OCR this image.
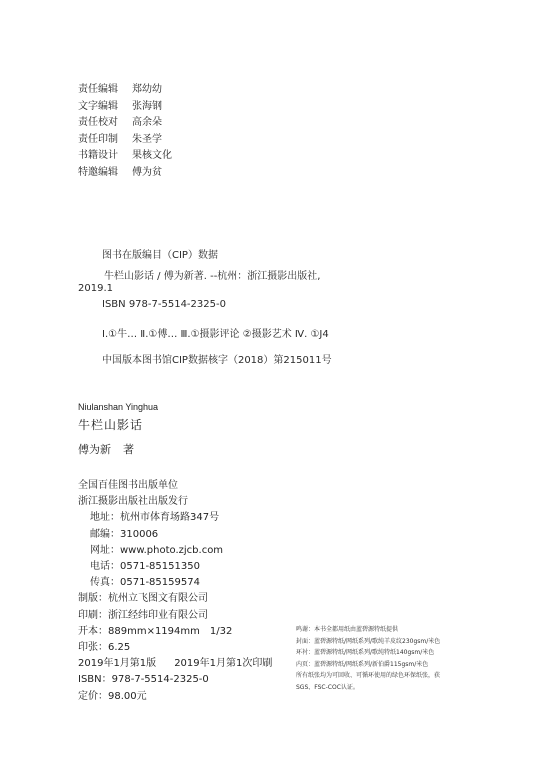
责任编辑	郑幼幼
文字编辑	张海钢
责任校对	高余朵
责任印制	朱圣学
书籍设计	果核文化
特邀编辑	傅为贫
图书在版编目（CIP）数据
牛栏山影话 / 傅为新著. --杭州：浙江摄影出版社,
2019.1
ISBN 978-7-5514-2325-0
Ⅰ.①牛… Ⅱ.①傅… Ⅲ.①摄影评论 ②摄影艺术 Ⅳ. ①J4
中国版本图书馆CIP数据核字（2018）第215011号
Niulanshan Yinghua
牛栏山影话
傅为新 著
全国百佳图书出版单位
浙江摄影出版社出版发行
地址：杭州市体育场路347号
邮编：310006
网址：www.photo.zjcb.com
电话：0571-85151350
传真：0571-85159574
制版：杭州立飞图文有限公司
印刷：浙江经纬印业有限公司
开本：889mm×1194mm　1/32
印张：6.25
2019年1月第1版 2019年1月第1次印刷
ISBN：978-7-5514-2325-0
定价：98.00元
鸣谢：本书全都用纸由蓝碧源特纸提供
封面：蓝碧源特纸/网纸系列/歌纯羊皮纹230gsm/米色
环衬：蓝碧源特纸/网纸系列/歌纯特纸140gsm/米色
内页：蓝碧源特纸/网纸系列/新伯爵115gsm/米色
所有纸张均为可回收、可循环使用的绿色环保纸张，获
SGS、FSC-COC认证。
